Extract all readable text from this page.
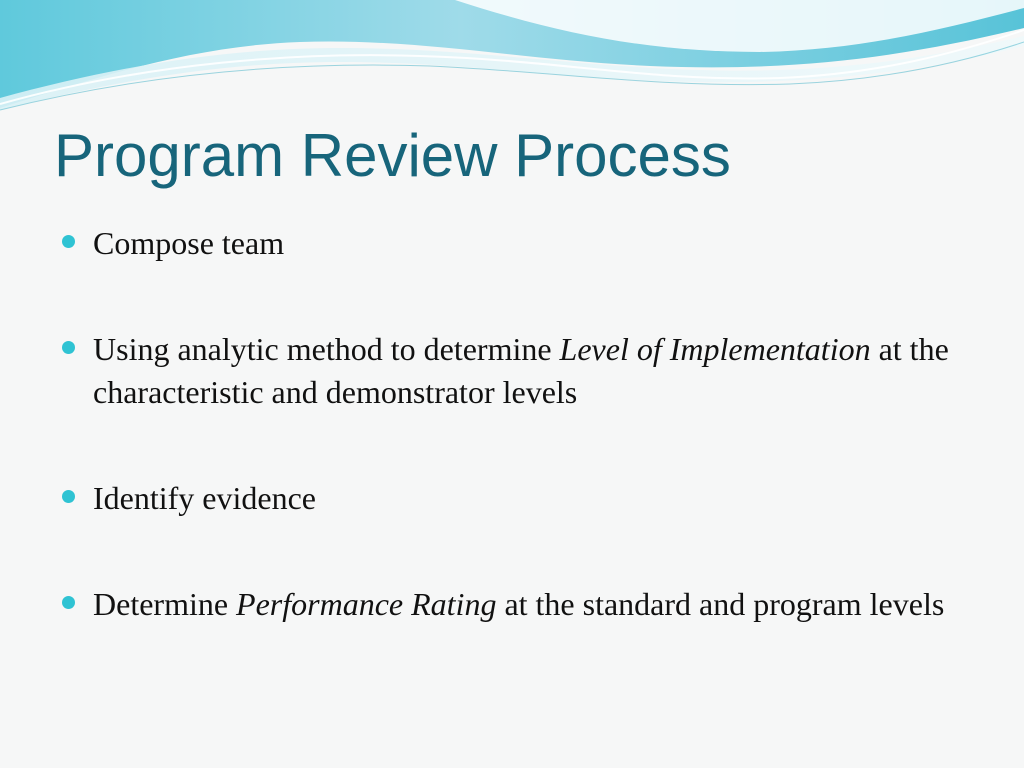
Program Review Process
Compose team
Using analytic method to determine Level of Implementation at the characteristic and demonstrator levels
Identify evidence
Determine Performance Rating at the standard and program levels
